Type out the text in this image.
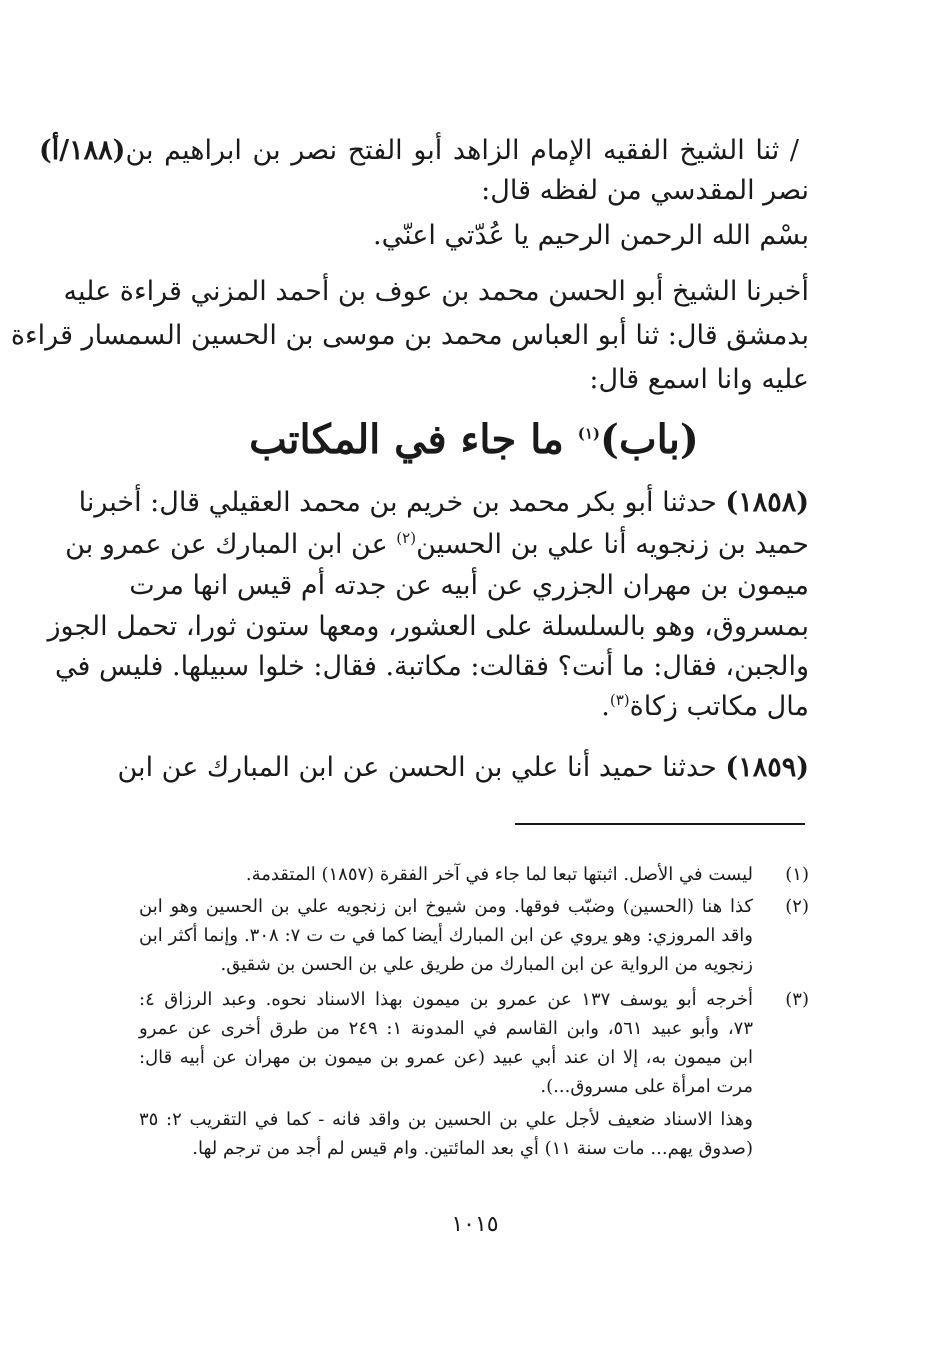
/ ثنا الشيخ الفقيه الإمام الزاهد أبو الفتح نصر بن ابراهيم بن(١٨٨/أ)
نصر المقدسي من لفظه قال:
بسْم الله الرحمن الرحيم يا عُدّتي اعنّي.
أخبرنا الشيخ أبو الحسن محمد بن عوف بن أحمد المزني قراءة عليه
بدمشق قال: ثنا أبو العباس محمد بن موسى بن الحسين السمسار قراءة
عليه وانا اسمع قال:
(باب)$^{(١)}$ ما جاء في المكاتب
(١٨٥٨) حدثنا أبو بكر محمد بن خريم بن محمد العقيلي قال: أخبرنا
حميد بن زنجويه أنا علي بن الحسين$^{(٢)}$ عن ابن المبارك عن عمرو بن
ميمون بن مهران الجزري عن أبيه عن جدته أم قيس انها مرت
بمسروق، وهو بالسلسلة على العشور، ومعها ستون ثورا، تحمل الجوز
والجبن، فقال: ما أنت؟ فقالت: مكاتبة. فقال: خلوا سبيلها. فليس في
مال مكاتب زكاة$^{(٣)}$.
(١٨٥٩) حدثنا حميد أنا علي بن الحسن عن ابن المبارك عن ابن
(١)
ليست في الأصل. اثبتها تبعا لما جاء في آخر الفقرة (١٨٥٧) المتقدمة.
(٢)
كذا هنا (الحسين) وضبّب فوقها. ومن شيوخ ابن زنجويه علي بن الحسين وهو ابن
واقد المروزي: وهو يروي عن ابن المبارك أيضا كما في ت ت ٧: ٣٠٨. وإنما أكثر ابن
زنجويه من الرواية عن ابن المبارك من طريق علي بن الحسن بن شقيق.
(٣)
أخرجه أبو يوسف ١٣٧ عن عمرو بن ميمون بهذا الاسناد نحوه. وعبد الرزاق ٤:
٧٣، وأبو عبيد ٥٦١، وابن القاسم في المدونة ١: ٢٤٩ من طرق أخرى عن عمرو
ابن ميمون به، إلا ان عند أبي عبيد (عن عمرو بن ميمون بن مهران عن أبيه قال:
مرت امرأة على مسروق...).
وهذا الاسناد ضعيف لأجل علي بن الحسين بن واقد فانه - كما في التقريب ٢: ٣٥
(صدوق يهم... مات سنة ١١) أي بعد المائتين. وام قيس لم أجد من ترجم لها.
١٠١٥
